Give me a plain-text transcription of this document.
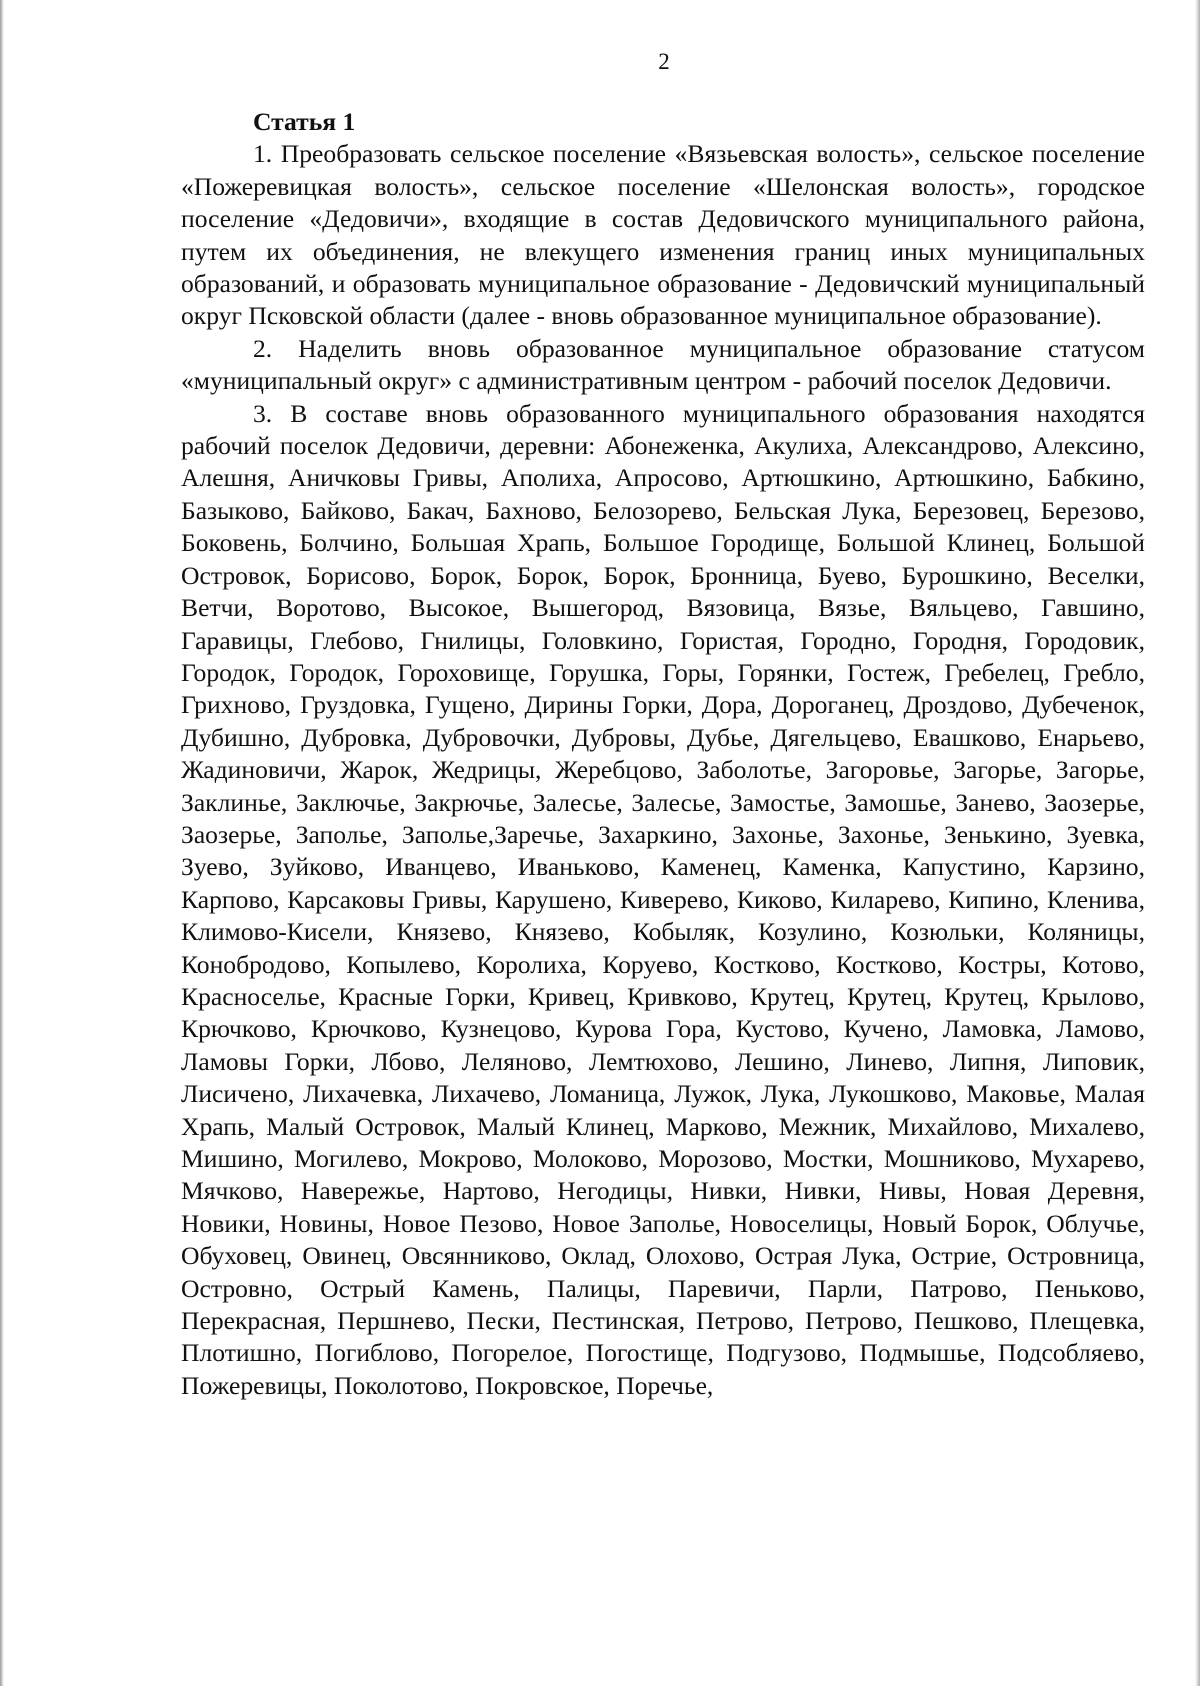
2

Статья 1

1. Преобразовать сельское поселение «Вязьевская волость», сельское поселение «Пожеревицкая волость», сельское поселение «Шелонская волость», городское поселение «Дедовичи», входящие в состав Дедовичского муниципального района, путем их объединения, не влекущего изменения границ иных муниципальных образований, и образовать муниципальное образование - Дедовичский муниципальный округ Псковской области (далее - вновь образованное муниципальное образование).

2. Наделить вновь образованное муниципальное образование статусом «муниципальный округ» с административным центром - рабочий поселок Дедовичи.

3. В составе вновь образованного муниципального образования находятся рабочий поселок Дедовичи, деревни: Абонеженка, Акулиха, Александрово, Алексино, Алешня, Аничковы Гривы, Аполиха, Апросово, Артюшкино, Артюшкино, Бабкино, Базыково, Байково, Бакач, Бахново, Белозорево, Бельская Лука, Березовец, Березово, Боковень, Болчино, Большая Храпь, Большое Городище, Большой Клинец, Большой Островок, Борисово, Борок, Борок, Борок, Бронница, Буево, Бурошкино, Веселки, Ветчи, Воротово, Высокое, Вышегород, Вязовица, Вязье, Вяльцево, Гавшино, Гаравицы, Глебово, Гнилицы, Головкино, Гористая, Городно, Городня, Городовик, Городок, Городок, Гороховище, Горушка, Горы, Горянки, Гостеж, Гребелец, Гребло, Грихново, Груздовка, Гущено, Дирины Горки, Дора, Дороганец, Дроздово, Дубеченок, Дубишно, Дубровка, Дубровочки, Дубровы, Дубье, Дягельцево, Евашково, Енарьево, Жадиновичи, Жарок, Жедрицы, Жеребцово, Заболотье, Загоровье, Загорье, Загорье, Заклинье, Заключье, Закрючье, Залесье, Залесье, Замостье, Замошье, Занево, Заозерье, Заозерье, Заполье, Заполье,Заречье, Захаркино, Захонье, Захонье, Зенькино, Зуевка, Зуево, Зуйково, Иванцево, Иваньково, Каменец, Каменка, Капустино, Карзино, Карпово, Карсаковы Гривы, Карушено, Киверево, Киково, Киларево, Кипино, Кленива, Климово-Кисели, Князево, Князево, Кобыляк, Козулино, Козюльки, Коляницы, Конобродово, Копылево, Королиха, Коруево, Костково, Костково, Костры, Котово, Красноселье, Красные Горки, Кривец, Кривково, Крутец, Крутец, Крутец, Крылово, Крючково, Крючково, Кузнецово, Курова Гора, Кустово, Кучено, Ламовка, Ламово, Ламовы Горки, Лбово, Леляново, Лемтюхово, Лешино, Линево, Липня, Липовик, Лисичено, Лихачевка, Лихачево, Ломаница, Лужок, Лука, Лукошково, Маковье, Малая Храпь, Малый Островок, Малый Клинец, Марково, Межник, Михайлово, Михалево, Мишино, Могилево, Мокрово, Молоково, Морозово, Мостки, Мошниково, Мухарево, Мячково, Навережье, Нартово, Негодицы, Нивки, Нивки, Нивы, Новая Деревня, Новики, Новины, Новое Пезово, Новое Заполье, Новоселицы, Новый Борок, Облучье, Обуховец, Овинец, Овсянниково, Оклад, Олохово, Острая Лука, Острие, Островница, Островно, Острый Камень, Палицы, Паревичи, Парли, Патрово, Пеньково, Перекрасная, Першнево, Пески, Пестинская, Петрово, Петрово, Пешково, Плещевка, Плотишно, Погиблово, Погорелое, Погостище, Подгузово, Подмышье, Подсобляево, Пожеревицы, Поколотово, Покровское, Поречье,
